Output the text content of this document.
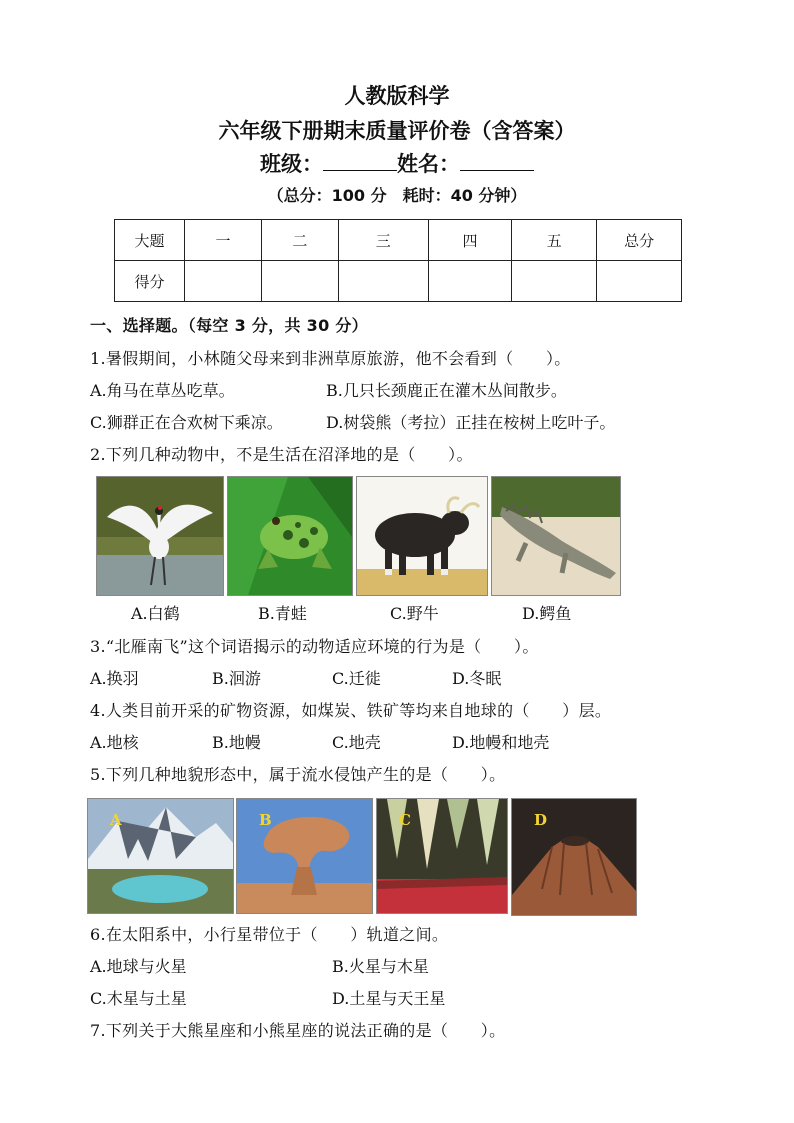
人教版科学
六年级下册期末质量评价卷（含答案）
班级：	姓名：
（总分：100 分　耗时：40 分钟）
大题	一	二	三	四	五	总分
得分						
一、选择题。（每空 3 分，共 30 分）
1.暑假期间，小林随父母来到非洲草原旅游，他不会看到（　　）。
A.角马在草丛吃草。	B.几只长颈鹿正在灌木丛间散步。
C.狮群正在合欢树下乘凉。	D.树袋熊（考拉）正挂在桉树上吃叶子。
2.下列几种动物中，不是生活在沼泽地的是（　　）。
A.白鹤	B.青蛙	C.野牛	D.鳄鱼
3.“北雁南飞”这个词语揭示的动物适应环境的行为是（　　）。
A.换羽	B.洄游	C.迁徙	D.冬眠
4.人类目前开采的矿物资源，如煤炭、铁矿等均来自地球的（　　）层。
A.地核	B.地幔	C.地壳	D.地幔和地壳
5.下列几种地貌形态中，属于流水侵蚀产生的是（　　）。
A	B	C	D
6.在太阳系中，小行星带位于（　　）轨道之间。
A.地球与火星	B.火星与木星
C.木星与土星	D.土星与天王星
7.下列关于大熊星座和小熊星座的说法正确的是（　　）。
